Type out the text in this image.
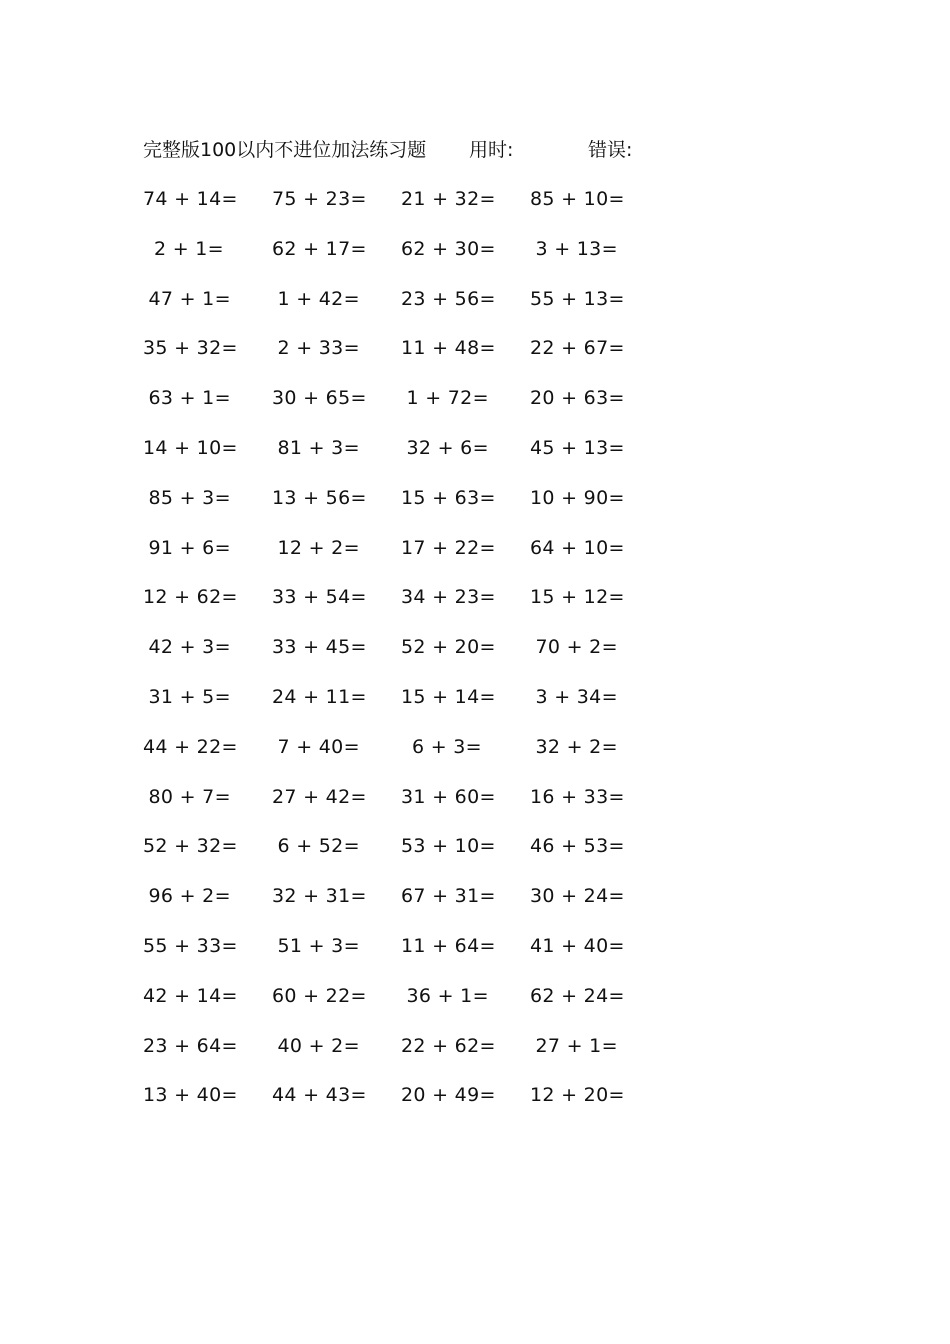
完整版100以内不进位加法练习题 用时:	错误:
74 + 14= 75 + 23= 21 + 32= 85 + 10=
2 + 1=	62 + 17= 62 + 30= 3 + 13=
47 + 1= 1 + 42= 23 + 56= 55 + 13=
35 + 32= 2 + 33= 11 + 48= 22 + 67=
63 + 1= 30 + 65= 1 + 72= 20 + 63=
14 + 10= 81 + 3= 32 + 6= 45 + 13=
85 + 3= 13 + 56= 15 + 63= 10 + 90=
91 + 6= 12 + 2= 17 + 22= 64 + 10=
12 + 62= 33 + 54= 34 + 23= 15 + 12=
42 + 3= 33 + 45= 52 + 20= 70 + 2=
31 + 5= 24 + 11= 15 + 14= 3 + 34=
44 + 22= 7 + 40=	6 + 3=	32 + 2=
80 + 7= 27 + 42= 31 + 60= 16 + 33=
52 + 32= 6 + 52= 53 + 10= 46 + 53=
96 + 2= 32 + 31= 67 + 31= 30 + 24=
55 + 33= 51 + 3= 11 + 64= 41 + 40=
42 + 14= 60 + 22= 36 + 1= 62 + 24=
23 + 64= 40 + 2= 22 + 62= 27 + 1=
13 + 40= 44 + 43= 20 + 49= 12 + 20=
